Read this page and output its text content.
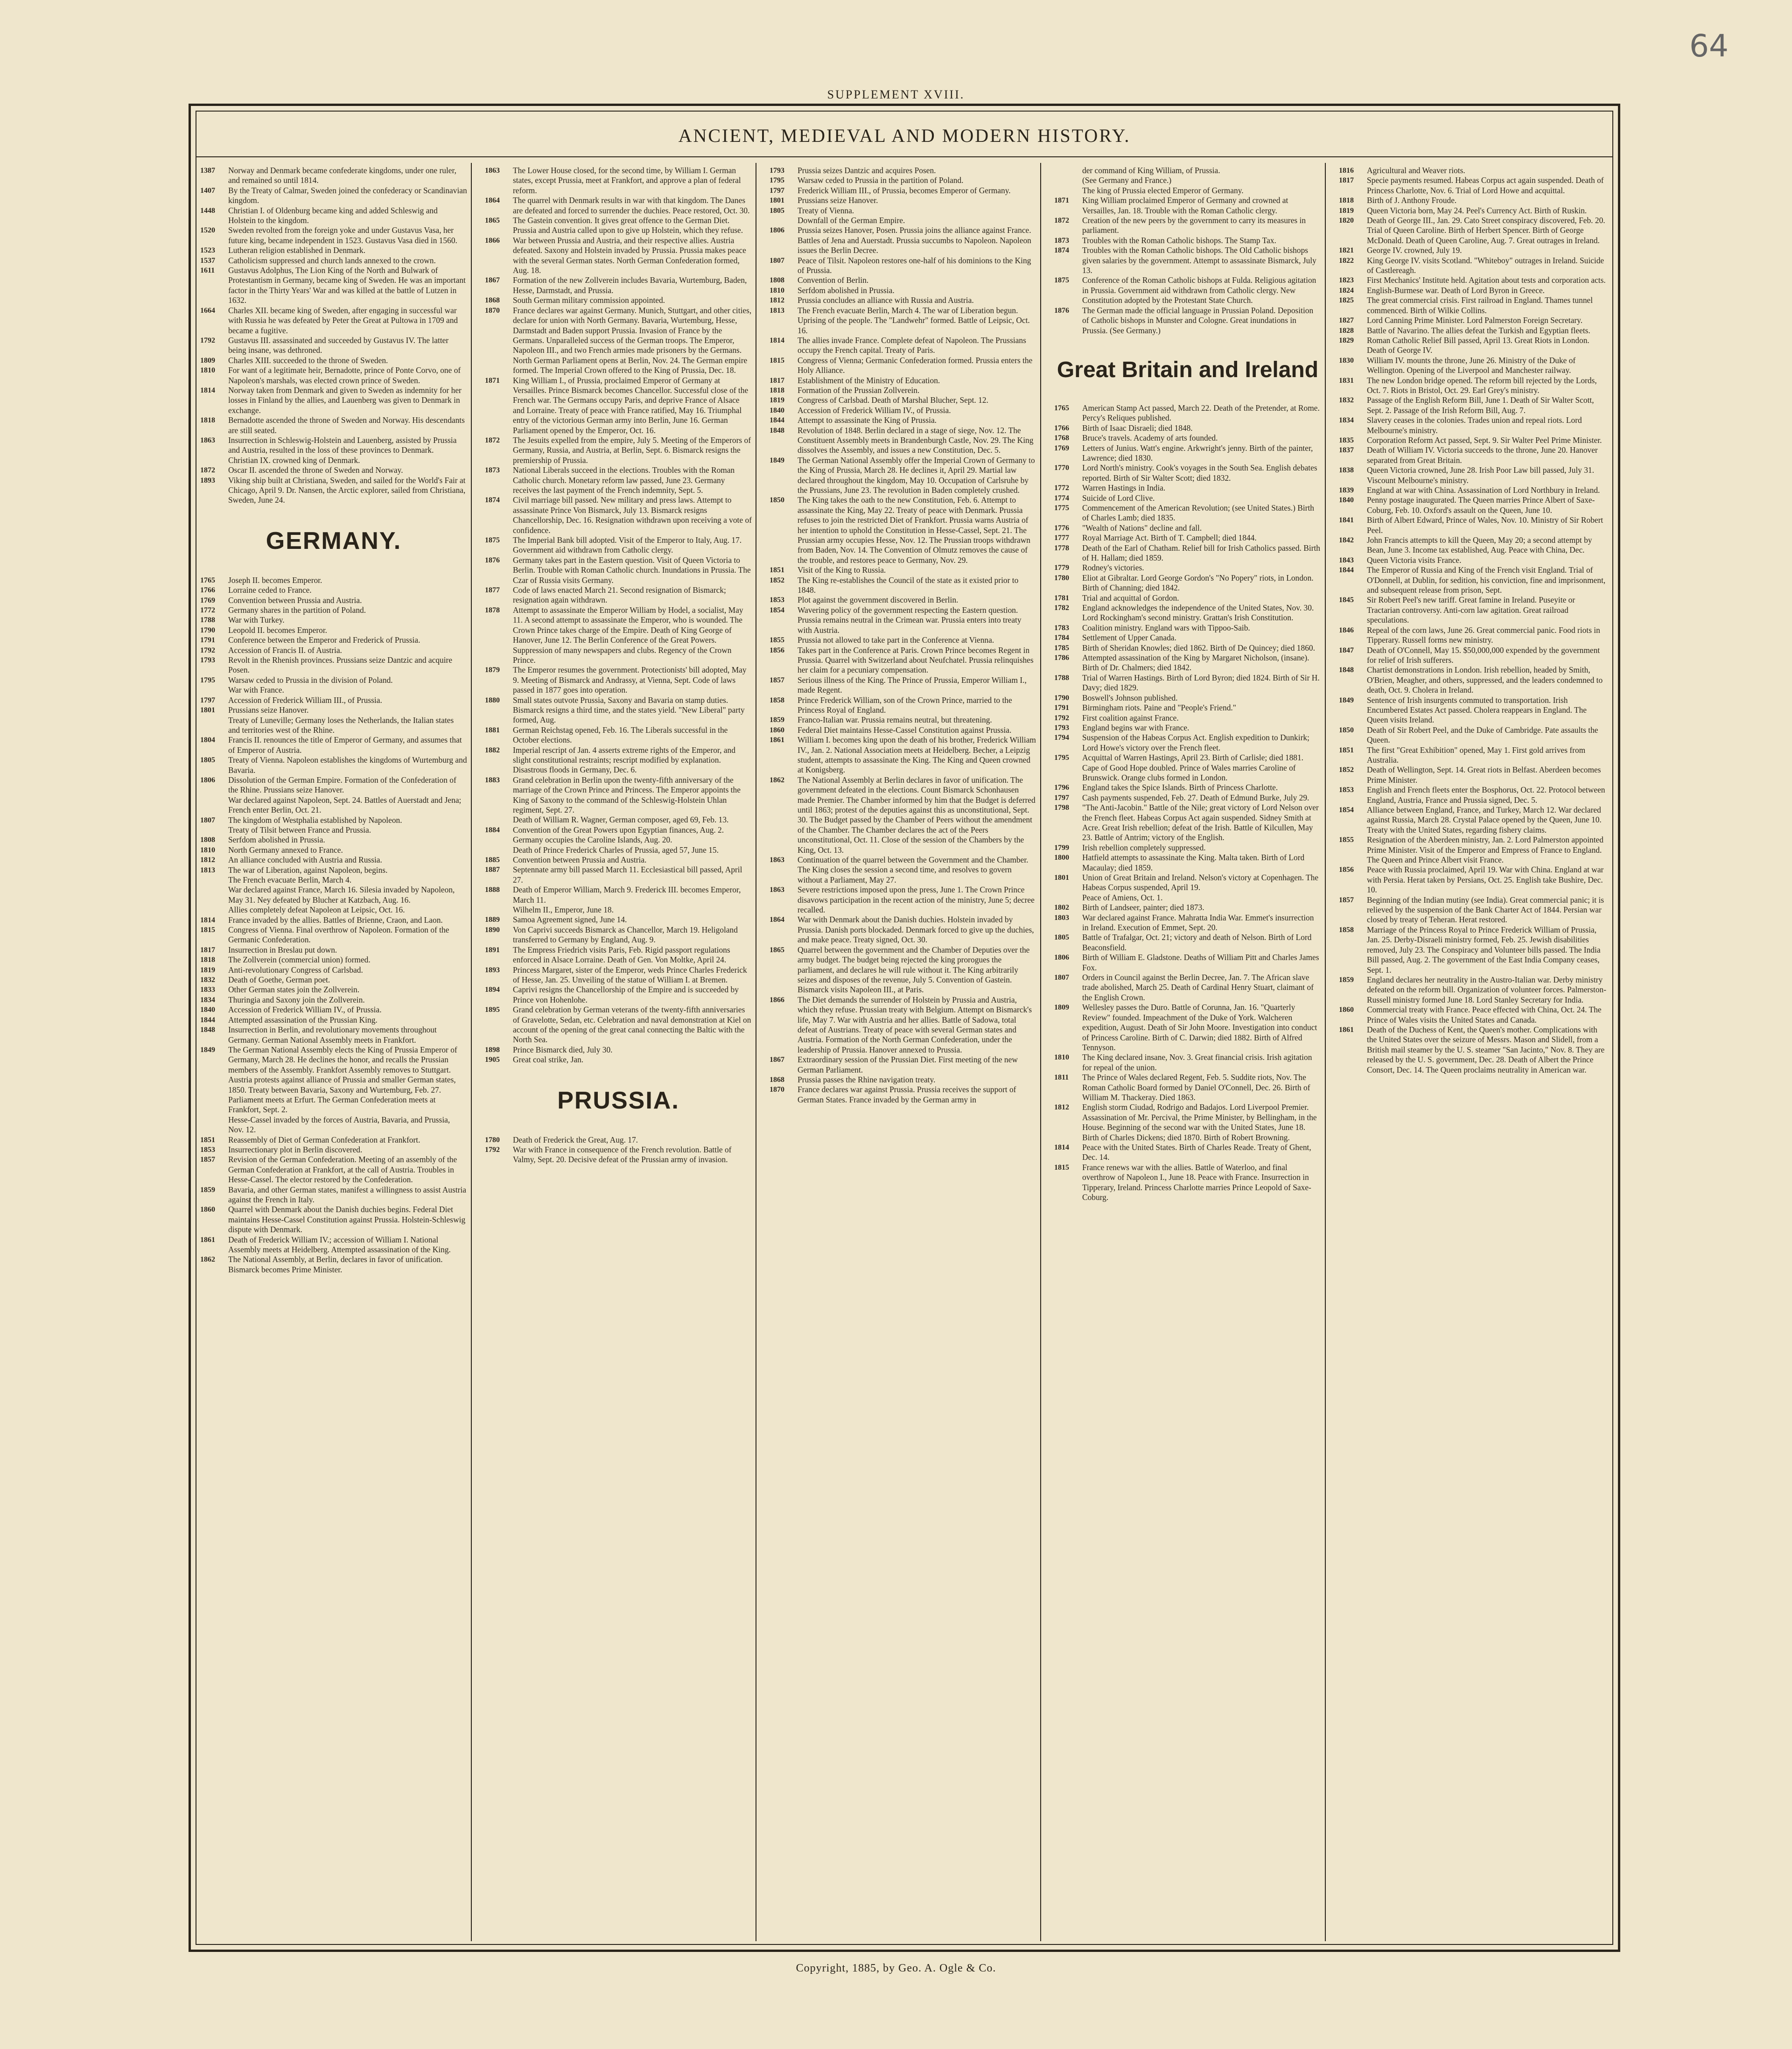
64
SUPPLEMENT XVIII.
ANCIENT, MEDIEVAL AND MODERN HISTORY.
1387	Norway and Denmark became confederate kingdoms, under one ruler, and remained so until 1814.
1407	By the Treaty of Calmar, Sweden joined the confederacy or Scandinavian kingdom.
1448	Christian I. of Oldenburg became king and added Schleswig and Holstein to the kingdom.
1520	Sweden revolted from the foreign yoke and under Gustavus Vasa, her future king, became independent in 1523. Gustavus Vasa died in 1560.
1523	Lutheran religion established in Denmark.
1537	Catholicism suppressed and church lands annexed to the crown.
1611	Gustavus Adolphus, The Lion King of the North and Bulwark of Protestantism in Germany, became king of Sweden. He was an important factor in the Thirty Years' War and was killed at the battle of Lutzen in 1632.
1664	Charles XII. became king of Sweden, after engaging in successful war with Russia he was defeated by Peter the Great at Pultowa in 1709 and became a fugitive.
1792	Gustavus III. assassinated and succeeded by Gustavus IV. The latter being insane, was dethroned.
1809	Charles XIII. succeeded to the throne of Sweden.
1810	For want of a legitimate heir, Bernadotte, prince of Ponte Corvo, one of Napoleon's marshals, was elected crown prince of Sweden.
1814	Norway taken from Denmark and given to Sweden as indemnity for her losses in Finland by the allies, and Lauenberg was given to Denmark in exchange.
1818	Bernadotte ascended the throne of Sweden and Norway. His descendants are still seated.
1863	Insurrection in Schleswig-Holstein and Lauenberg, assisted by Prussia and Austria, resulted in the loss of these provinces to Denmark.
Christian IX. crowned king of Denmark.
1872	Oscar II. ascended the throne of Sweden and Norway.
1893	Viking ship built at Christiana, Sweden, and sailed for the World's Fair at Chicago, April 9. Dr. Nansen, the Arctic explorer, sailed from Christiana, Sweden, June 24.
GERMANY.
1765	Joseph II. becomes Emperor.
1766	Lorraine ceded to France.
1769	Convention between Prussia and Austria.
1772	Germany shares in the partition of Poland.
1788	War with Turkey.
1790	Leopold II. becomes Emperor.
1791	Conference between the Emperor and Frederick of Prussia.
1792	Accession of Francis II. of Austria.
1793	Revolt in the Rhenish provinces. Prussians seize Dantzic and acquire Posen.
1795	Warsaw ceded to Prussia in the division of Poland.
War with France.
1797	Accession of Frederick William III., of Prussia.
1801	Prussians seize Hanover.
Treaty of Luneville; Germany loses the Netherlands, the Italian states and territories west of the Rhine.
1804	Francis II. renounces the title of Emperor of Germany, and assumes that of Emperor of Austria.
1805	Treaty of Vienna. Napoleon establishes the kingdoms of Wurtemburg and Bavaria.
1806	Dissolution of the German Empire. Formation of the Confederation of the Rhine. Prussians seize Hanover.
War declared against Napoleon, Sept. 24. Battles of Auerstadt and Jena; French enter Berlin, Oct. 21.
1807	The kingdom of Westphalia established by Napoleon.
Treaty of Tilsit between France and Prussia.
1808	Serfdom abolished in Prussia.
1810	North Germany annexed to France.
1812	An alliance concluded with Austria and Russia.
1813	The war of Liberation, against Napoleon, begins.
The French evacuate Berlin, March 4.
War declared against France, March 16. Silesia invaded by Napoleon, May 31. Ney defeated by Blucher at Katzbach, Aug. 16.
Allies completely defeat Napoleon at Leipsic, Oct. 16.
1814	France invaded by the allies. Battles of Brienne, Craon, and Laon.
1815	Congress of Vienna. Final overthrow of Napoleon. Formation of the Germanic Confederation.
1817	Insurrection in Breslau put down.
1818	The Zollverein (commercial union) formed.
1819	Anti-revolutionary Congress of Carlsbad.
1832	Death of Goethe, German poet.
1833	Other German states join the Zollverein.
1834	Thuringia and Saxony join the Zollverein.
1840	Accession of Frederick William IV., of Prussia.
1844	Attempted assassination of the Prussian King.
1848	Insurrection in Berlin, and revolutionary movements throughout Germany. German National Assembly meets in Frankfort.
1849	The German National Assembly elects the King of Prussia Emperor of Germany, March 28. He declines the honor, and recalls the Prussian members of the Assembly. Frankfort Assembly removes to Stuttgart.
Austria protests against alliance of Prussia and smaller German states, 1850. Treaty between Bavaria, Saxony and Wurtemburg, Feb. 27.
Parliament meets at Erfurt. The German Confederation meets at Frankfort, Sept. 2.
Hesse-Cassel invaded by the forces of Austria, Bavaria, and Prussia, Nov. 12.
1851	Reassembly of Diet of German Confederation at Frankfort.
1853	Insurrectionary plot in Berlin discovered.
1857	Revision of the German Confederation. Meeting of an assembly of the German Confederation at Frankfort, at the call of Austria. Troubles in Hesse-Cassel. The elector restored by the Confederation.
1859	Bavaria, and other German states, manifest a willingness to assist Austria against the French in Italy.
1860	Quarrel with Denmark about the Danish duchies begins. Federal Diet maintains Hesse-Cassel Constitution against Prussia. Holstein-Schleswig dispute with Denmark.
1861	Death of Frederick William IV.; accession of William I. National Assembly meets at Heidelberg. Attempted assassination of the King.
1862	The National Assembly, at Berlin, declares in favor of unification. Bismarck becomes Prime Minister.
1863	The Lower House closed, for the second time, by William I. German states, except Prussia, meet at Frankfort, and approve a plan of federal reform.
1864	The quarrel with Denmark results in war with that kingdom. The Danes are defeated and forced to surrender the duchies. Peace restored, Oct. 30.
1865	The Gastein convention. It gives great offence to the German Diet.
Prussia and Austria called upon to give up Holstein, which they refuse.
1866	War between Prussia and Austria, and their respective allies. Austria defeated. Saxony and Holstein invaded by Prussia. Prussia makes peace with the several German states. North German Confederation formed, Aug. 18.
1867	Formation of the new Zollverein includes Bavaria, Wurtemburg, Baden, Hesse, Darmstadt, and Prussia.
1868	South German military commission appointed.
1870	France declares war against Germany. Munich, Stuttgart, and other cities, declare for union with North Germany. Bavaria, Wurtemburg, Hesse, Darmstadt and Baden support Prussia. Invasion of France by the Germans. Unparalleled success of the German troops. The Emperor, Napoleon III., and two French armies made prisoners by the Germans. North German Parliament opens at Berlin, Nov. 24. The German empire formed. The Imperial Crown offered to the King of Prussia, Dec. 18.
1871	King William I., of Prussia, proclaimed Emperor of Germany at Versailles. Prince Bismarck becomes Chancellor. Successful close of the French war. The Germans occupy Paris, and deprive France of Alsace and Lorraine. Treaty of peace with France ratified, May 16. Triumphal entry of the victorious German army into Berlin, June 16. German Parliament opened by the Emperor, Oct. 16.
1872	The Jesuits expelled from the empire, July 5. Meeting of the Emperors of Germany, Russia, and Austria, at Berlin, Sept. 6. Bismarck resigns the premiership of Prussia.
1873	National Liberals succeed in the elections. Troubles with the Roman Catholic church. Monetary reform law passed, June 23. Germany receives the last payment of the French indemnity, Sept. 5.
1874	Civil marriage bill passed. New military and press laws. Attempt to assassinate Prince Von Bismarck, July 13. Bismarck resigns Chancellorship, Dec. 16. Resignation withdrawn upon receiving a vote of confidence.
1875	The Imperial Bank bill adopted. Visit of the Emperor to Italy, Aug. 17. Government aid withdrawn from Catholic clergy.
1876	Germany takes part in the Eastern question. Visit of Queen Victoria to Berlin. Trouble with Roman Catholic church. Inundations in Prussia. The Czar of Russia visits Germany.
1877	Code of laws enacted March 21. Second resignation of Bismarck; resignation again withdrawn.
1878	Attempt to assassinate the Emperor William by Hodel, a socialist, May 11. A second attempt to assassinate the Emperor, who is wounded. The Crown Prince takes charge of the Empire. Death of King George of Hanover, June 12. The Berlin Conference of the Great Powers. Suppression of many newspapers and clubs. Regency of the Crown Prince.
1879	The Emperor resumes the government. Protectionists' bill adopted, May 9. Meeting of Bismarck and Andrassy, at Vienna, Sept. Code of laws passed in 1877 goes into operation.
1880	Small states outvote Prussia, Saxony and Bavaria on stamp duties. Bismarck resigns a third time, and the states yield. "New Liberal" party formed, Aug.
1881	German Reichstag opened, Feb. 16. The Liberals successful in the October elections.
1882	Imperial rescript of Jan. 4 asserts extreme rights of the Emperor, and slight constitutional restraints; rescript modified by explanation. Disastrous floods in Germany, Dec. 6.
1883	Grand celebration in Berlin upon the twenty-fifth anniversary of the marriage of the Crown Prince and Princess. The Emperor appoints the King of Saxony to the command of the Schleswig-Holstein Uhlan regiment, Sept. 27.
Death of William R. Wagner, German composer, aged 69, Feb. 13.
1884	Convention of the Great Powers upon Egyptian finances, Aug. 2. Germany occupies the Caroline Islands, Aug. 20.
Death of Prince Frederick Charles of Prussia, aged 57, June 15.
1885	Convention between Prussia and Austria.
1887	Septennate army bill passed March 11. Ecclesiastical bill passed, April 27.
1888	Death of Emperor William, March 9. Frederick III. becomes Emperor, March 11.
Wilhelm II., Emperor, June 18.
1889	Samoa Agreement signed, June 14.
1890	Von Caprivi succeeds Bismarck as Chancellor, March 19. Heligoland transferred to Germany by England, Aug. 9.
1891	The Empress Friedrich visits Paris, Feb. Rigid passport regulations enforced in Alsace Lorraine. Death of Gen. Von Moltke, April 24.
1893	Princess Margaret, sister of the Emperor, weds Prince Charles Frederick of Hesse, Jan. 25. Unveiling of the statue of William I. at Bremen.
1894	Caprivi resigns the Chancellorship of the Empire and is succeeded by Prince von Hohenlohe.
1895	Grand celebration by German veterans of the twenty-fifth anniversaries of Gravelotte, Sedan, etc. Celebration and naval demonstration at Kiel on account of the opening of the great canal connecting the Baltic with the North Sea.
1898	Prince Bismarck died, July 30.
1905	Great coal strike, Jan.
PRUSSIA.
1780	Death of Frederick the Great, Aug. 17.
1792	War with France in consequence of the French revolution. Battle of Valmy, Sept. 20. Decisive defeat of the Prussian army of invasion.
1793	Prussia seizes Dantzic and acquires Posen.
1795	Warsaw ceded to Prussia in the partition of Poland.
1797	Frederick William III., of Prussia, becomes Emperor of Germany.
1801	Prussians seize Hanover.
1805	Treaty of Vienna.
Downfall of the German Empire.
1806	Prussia seizes Hanover, Posen. Prussia joins the alliance against France. Battles of Jena and Auerstadt. Prussia succumbs to Napoleon. Napoleon issues the Berlin Decree.
1807	Peace of Tilsit. Napoleon restores one-half of his dominions to the King of Prussia.
1808	Convention of Berlin.
1810	Serfdom abolished in Prussia.
1812	Prussia concludes an alliance with Russia and Austria.
1813	The French evacuate Berlin, March 4. The war of Liberation begun. Uprising of the people. The "Landwehr" formed. Battle of Leipsic, Oct. 16.
1814	The allies invade France. Complete defeat of Napoleon. The Prussians occupy the French capital. Treaty of Paris.
1815	Congress of Vienna; Germanic Confederation formed. Prussia enters the Holy Alliance.
1817	Establishment of the Ministry of Education.
1818	Formation of the Prussian Zollverein.
1819	Congress of Carlsbad. Death of Marshal Blucher, Sept. 12.
1840	Accession of Frederick William IV., of Prussia.
1844	Attempt to assassinate the King of Prussia.
1848	Revolution of 1848. Berlin declared in a stage of siege, Nov. 12. The Constituent Assembly meets in Brandenburgh Castle, Nov. 29. The King dissolves the Assembly, and issues a new Constitution, Dec. 5.
1849	The German National Assembly offer the Imperial Crown of Germany to the King of Prussia, March 28. He declines it, April 29. Martial law declared throughout the kingdom, May 10. Occupation of Carlsruhe by the Prussians, June 23. The revolution in Baden completely crushed.
1850	The King takes the oath to the new Constitution, Feb. 6. Attempt to assassinate the King, May 22. Treaty of peace with Denmark. Prussia refuses to join the restricted Diet of Frankfort. Prussia warns Austria of her intention to uphold the Constitution in Hesse-Cassel, Sept. 21. The Prussian army occupies Hesse, Nov. 12. The Prussian troops withdrawn from Baden, Nov. 14. The Convention of Olmutz removes the cause of the trouble, and restores peace to Germany, Nov. 29.
1851	Visit of the King to Russia.
1852	The King re-establishes the Council of the state as it existed prior to 1848.
1853	Plot against the government discovered in Berlin.
1854	Wavering policy of the government respecting the Eastern question. Prussia remains neutral in the Crimean war. Prussia enters into treaty with Austria.
1855	Prussia not allowed to take part in the Conference at Vienna.
1856	Takes part in the Conference at Paris. Crown Prince becomes Regent in Prussia. Quarrel with Switzerland about Neufchatel. Prussia relinquishes her claim for a pecuniary compensation.
1857	Serious illness of the King. The Prince of Prussia, Emperor William I., made Regent.
1858	Prince Frederick William, son of the Crown Prince, married to the Princess Royal of England.
1859	Franco-Italian war. Prussia remains neutral, but threatening.
1860	Federal Diet maintains Hesse-Cassel Constitution against Prussia.
1861	William I. becomes king upon the death of his brother, Frederick William IV., Jan. 2. National Association meets at Heidelberg. Becher, a Leipzig student, attempts to assassinate the King. The King and Queen crowned at Konigsberg.
1862	The National Assembly at Berlin declares in favor of unification. The government defeated in the elections. Count Bismarck Schonhausen made Premier. The Chamber informed by him that the Budget is deferred until 1863; protest of the deputies against this as unconstitutional, Sept. 30. The Budget passed by the Chamber of Peers without the amendment of the Chamber. The Chamber declares the act of the Peers unconstitutional, Oct. 11. Close of the session of the Chambers by the King, Oct. 13.
1863	Continuation of the quarrel between the Government and the Chamber. The King closes the session a second time, and resolves to govern without a Parliament, May 27.
1863	Severe restrictions imposed upon the press, June 1. The Crown Prince disavows participation in the recent action of the ministry, June 5; decree recalled.
1864	War with Denmark about the Danish duchies. Holstein invaded by Prussia. Danish ports blockaded. Denmark forced to give up the duchies, and make peace. Treaty signed, Oct. 30.
1865	Quarrel between the government and the Chamber of Deputies over the army budget. The budget being rejected the king prorogues the parliament, and declares he will rule without it. The King arbitrarily seizes and disposes of the revenue, July 5. Convention of Gastein. Bismarck visits Napoleon III., at Paris.
1866	The Diet demands the surrender of Holstein by Prussia and Austria, which they refuse. Prussian treaty with Belgium. Attempt on Bismarck's life, May 7. War with Austria and her allies. Battle of Sadowa, total defeat of Austrians. Treaty of peace with several German states and Austria. Formation of the North German Confederation, under the leadership of Prussia. Hanover annexed to Prussia.
1867	Extraordinary session of the Prussian Diet. First meeting of the new German Parliament.
1868	Prussia passes the Rhine navigation treaty.
1870	France declares war against Prussia. Prussia receives the support of German States. France invaded by the German army in
der command of King William, of Prussia.
(See Germany and France.)
The king of Prussia elected Emperor of Germany.
1871	King William proclaimed Emperor of Germany and crowned at Versailles, Jan. 18. Trouble with the Roman Catholic clergy.
1872	Creation of the new peers by the government to carry its measures in parliament.
1873	Troubles with the Roman Catholic bishops. The Stamp Tax.
1874	Troubles with the Roman Catholic bishops. The Old Catholic bishops given salaries by the government. Attempt to assassinate Bismarck, July 13.
1875	Conference of the Roman Catholic bishops at Fulda. Religious agitation in Prussia. Government aid withdrawn from Catholic clergy. New Constitution adopted by the Protestant State Church.
1876	The German made the official language in Prussian Poland. Deposition of Catholic bishops in Munster and Cologne. Great inundations in Prussia. (See Germany.)
Great Britain and Ireland
1765	American Stamp Act passed, March 22. Death of the Pretender, at Rome. Percy's Reliques published.
1766	Birth of Isaac Disraeli; died 1848.
1768	Bruce's travels. Academy of arts founded.
1769	Letters of Junius. Watt's engine. Arkwright's jenny. Birth of the painter, Lawrence; died 1830.
1770	Lord North's ministry. Cook's voyages in the South Sea. English debates reported. Birth of Sir Walter Scott; died 1832.
1772	Warren Hastings in India.
1774	Suicide of Lord Clive.
1775	Commencement of the American Revolution; (see United States.) Birth of Charles Lamb; died 1835.
1776	"Wealth of Nations" decline and fall.
1777	Royal Marriage Act. Birth of T. Campbell; died 1844.
1778	Death of the Earl of Chatham. Relief bill for Irish Catholics passed. Birth of H. Hallam; died 1859.
1779	Rodney's victories.
1780	Eliot at Gibraltar. Lord George Gordon's "No Popery" riots, in London. Birth of Channing; died 1842.
1781	Trial and acquittal of Gordon.
1782	England acknowledges the independence of the United States, Nov. 30. Lord Rockingham's second ministry. Grattan's Irish Constitution.
1783	Coalition ministry. England wars with Tippoo-Saib.
1784	Settlement of Upper Canada.
1785	Birth of Sheridan Knowles; died 1862. Birth of De Quincey; died 1860.
1786	Attempted assassination of the King by Margaret Nicholson, (insane). Birth of Dr. Chalmers; died 1842.
1788	Trial of Warren Hastings. Birth of Lord Byron; died 1824. Birth of Sir H. Davy; died 1829.
1790	Boswell's Johnson published.
1791	Birmingham riots. Paine and "People's Friend."
1792	First coalition against France.
1793	England begins war with France.
1794	Suspension of the Habeas Corpus Act. English expedition to Dunkirk; Lord Howe's victory over the French fleet.
1795	Acquittal of Warren Hastings, April 23. Birth of Carlisle; died 1881. Cape of Good Hope doubled. Prince of Wales marries Caroline of Brunswick. Orange clubs formed in London.
1796	England takes the Spice Islands. Birth of Princess Charlotte.
1797	Cash payments suspended, Feb. 27. Death of Edmund Burke, July 29.
1798	"The Anti-Jacobin." Battle of the Nile; great victory of Lord Nelson over the French fleet. Habeas Corpus Act again suspended. Sidney Smith at Acre. Great Irish rebellion; defeat of the Irish. Battle of Kilcullen, May 23. Battle of Antrim; victory of the English.
1799	Irish rebellion completely suppressed.
1800	Hatfield attempts to assassinate the King. Malta taken. Birth of Lord Macaulay; died 1859.
1801	Union of Great Britain and Ireland. Nelson's victory at Copenhagen. The Habeas Corpus suspended, April 19.
Peace of Amiens, Oct. 1.
1802	Birth of Landseer, painter; died 1873.
1803	War declared against France. Mahratta India War. Emmet's insurrection in Ireland. Execution of Emmet, Sept. 20.
1805	Battle of Trafalgar, Oct. 21; victory and death of Nelson. Birth of Lord Beaconsfield.
1806	Birth of William E. Gladstone. Deaths of William Pitt and Charles James Fox.
1807	Orders in Council against the Berlin Decree, Jan. 7. The African slave trade abolished, March 25. Death of Cardinal Henry Stuart, claimant of the English Crown.
1809	Wellesley passes the Duro. Battle of Corunna, Jan. 16. "Quarterly Review" founded. Impeachment of the Duke of York. Walcheren expedition, August. Death of Sir John Moore. Investigation into conduct of Princess Caroline. Birth of C. Darwin; died 1882. Birth of Alfred Tennyson.
1810	The King declared insane, Nov. 3. Great financial crisis. Irish agitation for repeal of the union.
1811	The Prince of Wales declared Regent, Feb. 5. Suddite riots, Nov. The Roman Catholic Board formed by Daniel O'Connell, Dec. 26. Birth of William M. Thackeray. Died 1863.
1812	English storm Ciudad, Rodrigo and Badajos. Lord Liverpool Premier. Assassination of Mr. Percival, the Prime Minister, by Bellingham, in the House. Beginning of the second war with the United States, June 18. Birth of Charles Dickens; died 1870. Birth of Robert Browning.
1814	Peace with the United States. Birth of Charles Reade. Treaty of Ghent, Dec. 14.
1815	France renews war with the allies. Battle of Waterloo, and final overthrow of Napoleon I., June 18. Peace with France. Insurrection in Tipperary, Ireland. Princess Charlotte marries Prince Leopold of Saxe-Coburg.
1816	Agricultural and Weaver riots.
1817	Specie payments resumed. Habeas Corpus act again suspended. Death of Princess Charlotte, Nov. 6. Trial of Lord Howe and acquittal.
1818	Birth of J. Anthony Froude.
1819	Queen Victoria born, May 24. Peel's Currency Act. Birth of Ruskin.
1820	Death of George III., Jan. 29. Cato Street conspiracy discovered, Feb. 20. Trial of Queen Caroline. Birth of Herbert Spencer. Birth of George McDonald. Death of Queen Caroline, Aug. 7. Great outrages in Ireland.
1821	George IV. crowned, July 19.
1822	King George IV. visits Scotland. "Whiteboy" outrages in Ireland. Suicide of Castlereagh.
1823	First Mechanics' Institute held. Agitation about tests and corporation acts.
1824	English-Burmese war. Death of Lord Byron in Greece.
1825	The great commercial crisis. First railroad in England. Thames tunnel commenced. Birth of Wilkie Collins.
1827	Lord Canning Prime Minister. Lord Palmerston Foreign Secretary.
1828	Battle of Navarino. The allies defeat the Turkish and Egyptian fleets.
1829	Roman Catholic Relief Bill passed, April 13. Great Riots in London. Death of George IV.
1830	William IV. mounts the throne, June 26. Ministry of the Duke of Wellington. Opening of the Liverpool and Manchester railway.
1831	The new London bridge opened. The reform bill rejected by the Lords, Oct. 7. Riots in Bristol, Oct. 29. Earl Grey's ministry.
1832	Passage of the English Reform Bill, June 1. Death of Sir Walter Scott, Sept. 2. Passage of the Irish Reform Bill, Aug. 7.
1834	Slavery ceases in the colonies. Trades union and repeal riots. Lord Melbourne's ministry.
1835	Corporation Reform Act passed, Sept. 9. Sir Walter Peel Prime Minister.
1837	Death of William IV. Victoria succeeds to the throne, June 20. Hanover separated from Great Britain.
1838	Queen Victoria crowned, June 28. Irish Poor Law bill passed, July 31. Viscount Melbourne's ministry.
1839	England at war with China. Assassination of Lord Northbury in Ireland.
1840	Penny postage inaugurated. The Queen marries Prince Albert of Saxe-Coburg, Feb. 10. Oxford's assault on the Queen, June 10.
1841	Birth of Albert Edward, Prince of Wales, Nov. 10. Ministry of Sir Robert Peel.
1842	John Francis attempts to kill the Queen, May 20; a second attempt by Bean, June 3. Income tax established, Aug. Peace with China, Dec.
1843	Queen Victoria visits France.
1844	The Emperor of Russia and King of the French visit England. Trial of O'Donnell, at Dublin, for sedition, his conviction, fine and imprisonment, and subsequent release from prison, Sept.
1845	Sir Robert Peel's new tariff. Great famine in Ireland. Puseyite or Tractarian controversy. Anti-corn law agitation. Great railroad speculations.
1846	Repeal of the corn laws, June 26. Great commercial panic. Food riots in Tipperary. Russell forms new ministry.
1847	Death of O'Connell, May 15. $50,000,000 expended by the government for relief of Irish sufferers.
1848	Chartist demonstrations in London. Irish rebellion, headed by Smith, O'Brien, Meagher, and others, suppressed, and the leaders condemned to death, Oct. 9. Cholera in Ireland.
1849	Sentence of Irish insurgents commuted to transportation. Irish Encumbered Estates Act passed. Cholera reappears in England. The Queen visits Ireland.
1850	Death of Sir Robert Peel, and the Duke of Cambridge. Pate assaults the Queen.
1851	The first "Great Exhibition" opened, May 1. First gold arrives from Australia.
1852	Death of Wellington, Sept. 14. Great riots in Belfast. Aberdeen becomes Prime Minister.
1853	English and French fleets enter the Bosphorus, Oct. 22. Protocol between England, Austria, France and Prussia signed, Dec. 5.
1854	Alliance between England, France, and Turkey, March 12. War declared against Russia, March 28. Crystal Palace opened by the Queen, June 10. Treaty with the United States, regarding fishery claims.
1855	Resignation of the Aberdeen ministry, Jan. 2. Lord Palmerston appointed Prime Minister. Visit of the Emperor and Empress of France to England. The Queen and Prince Albert visit France.
1856	Peace with Russia proclaimed, April 19. War with China. England at war with Persia. Herat taken by Persians, Oct. 25. English take Bushire, Dec. 10.
1857	Beginning of the Indian mutiny (see India). Great commercial panic; it is relieved by the suspension of the Bank Charter Act of 1844. Persian war closed by treaty of Teheran. Herat restored.
1858	Marriage of the Princess Royal to Prince Frederick William of Prussia, Jan. 25. Derby-Disraeli ministry formed, Feb. 25. Jewish disabilities removed, July 23. The Conspiracy and Volunteer bills passed. The India Bill passed, Aug. 2. The government of the East India Company ceases, Sept. 1.
1859	England declares her neutrality in the Austro-Italian war. Derby ministry defeated on the reform bill. Organization of volunteer forces. Palmerston-Russell ministry formed June 18. Lord Stanley Secretary for India.
1860	Commercial treaty with France. Peace effected with China, Oct. 24. The Prince of Wales visits the United States and Canada.
1861	Death of the Duchess of Kent, the Queen's mother. Complications with the United States over the seizure of Messrs. Mason and Slidell, from a British mail steamer by the U. S. steamer "San Jacinto," Nov. 8. They are released by the U. S. government, Dec. 28. Death of Albert the Prince Consort, Dec. 14. The Queen proclaims neutrality in American war.
Copyright, 1885, by Geo. A. Ogle & Co.
